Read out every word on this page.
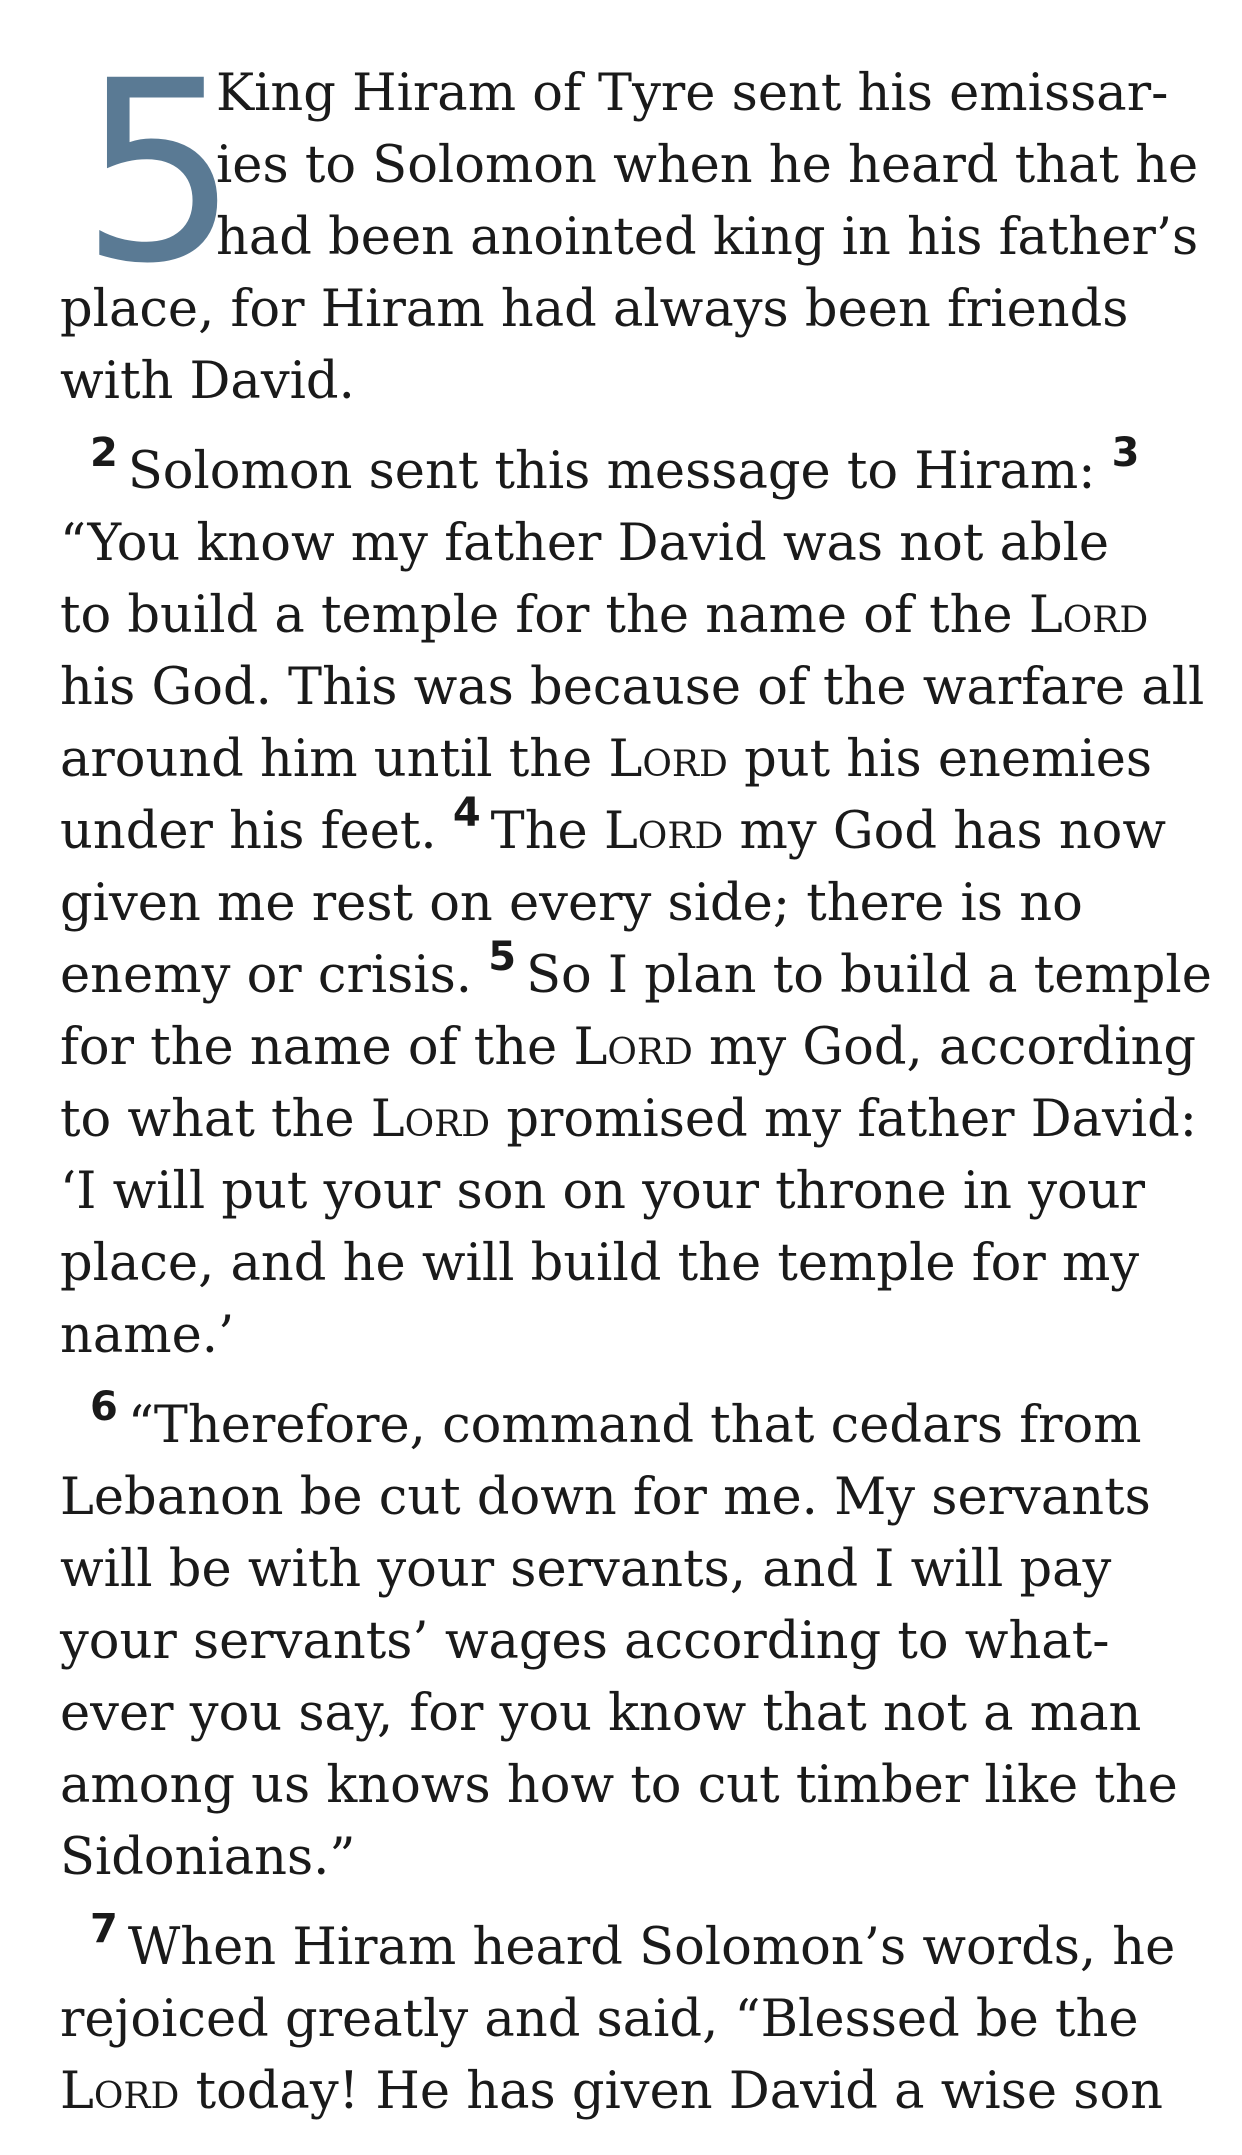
5
King Hiram of Tyre sent his emissar-
ies to Solomon when he heard that he
had been anointed king in his father’s
place, for Hiram had always been friends
with David.
$^2$ Solomon sent this message to Hiram: $^3$
“You know my father David was not able
to build a temple for the name of the Lord
his God. This was because of the warfare all
around him until the Lord put his enemies
under his feet. $^4$ The Lord my God has now
given me rest on every side; there is no
enemy or crisis. $^5$ So I plan to build a temple
for the name of the Lord my God, according
to what the Lord promised my father David:
‘I will put your son on your throne in your
place, and he will build the temple for my
name.’
$^6$ “Therefore, command that cedars from
Lebanon be cut down for me. My servants
will be with your servants, and I will pay
your servants’ wages according to what-
ever you say, for you know that not a man
among us knows how to cut timber like the
Sidonians.”
$^7$ When Hiram heard Solomon’s words, he
rejoiced greatly and said, “Blessed be the
Lord today! He has given David a wise son
